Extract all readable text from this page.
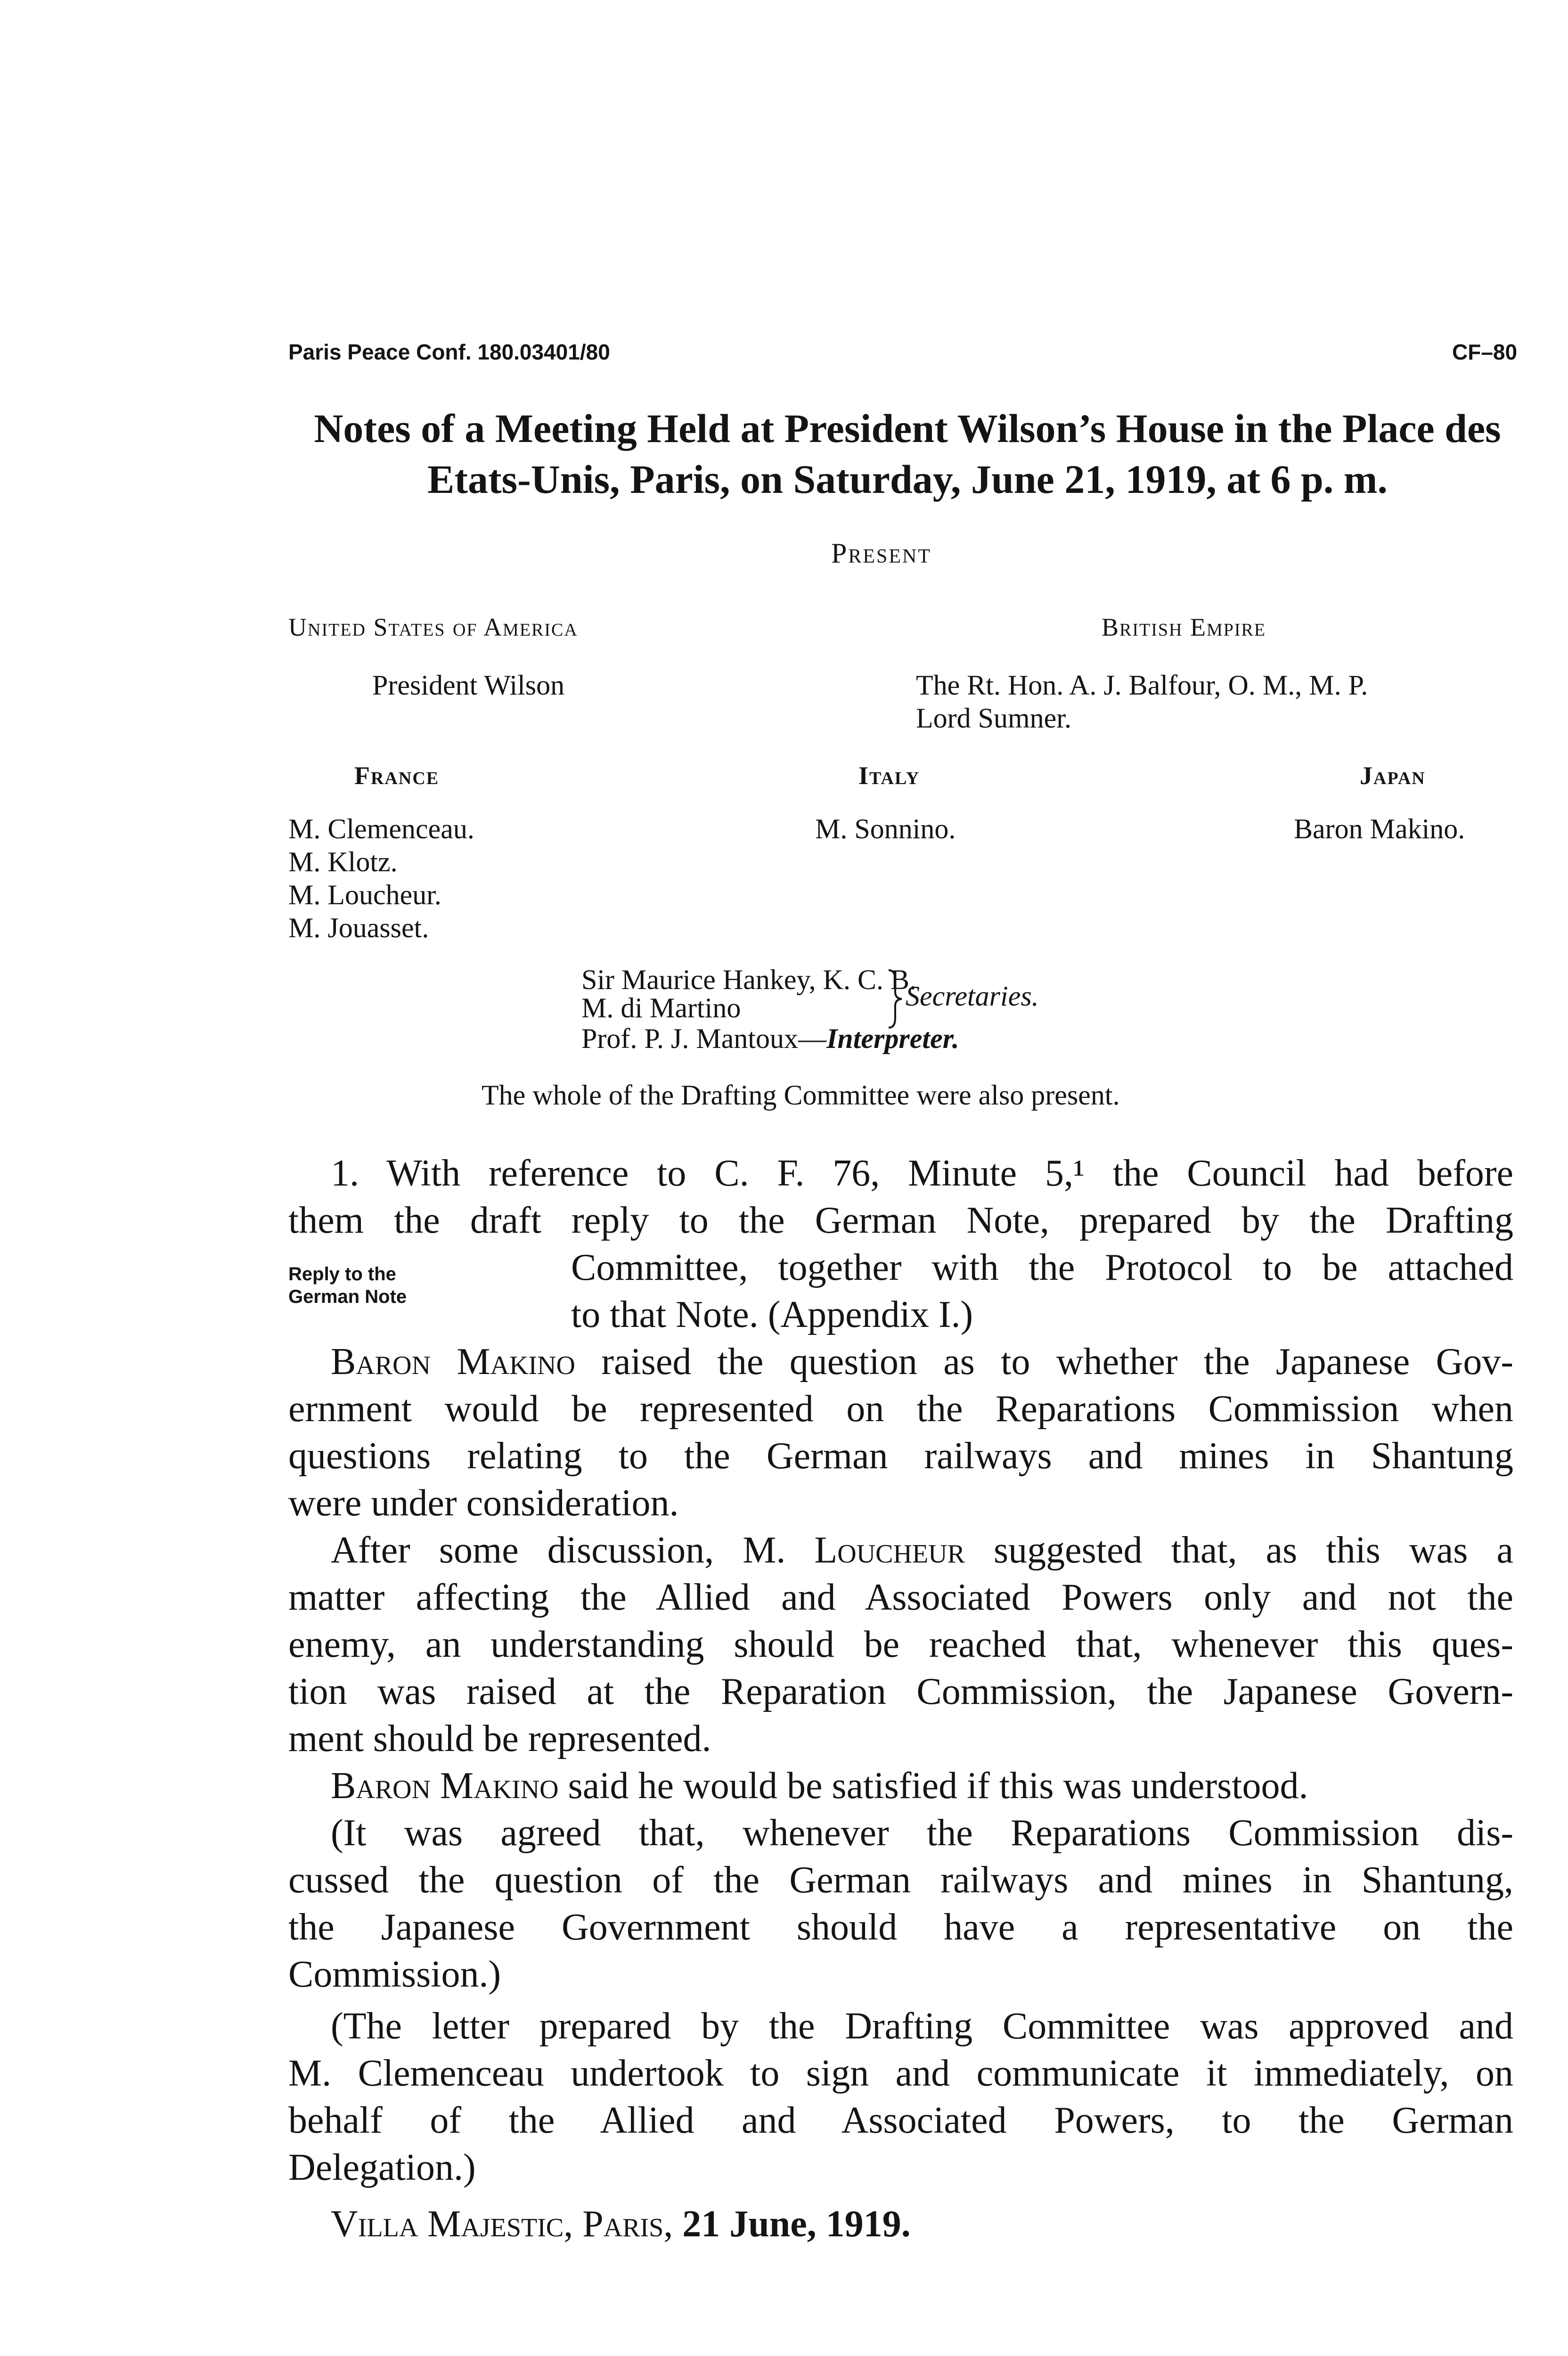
Paris Peace Conf. 180.03401/80	CF–80
Notes of a Meeting Held at President Wilson’s House in the Place des Etats-Unis, Paris, on Saturday, June 21, 1919, at 6 p. m.
Present
United States of America
President Wilson
British Empire
The Rt. Hon. A. J. Balfour, O. M., M. P.
Lord Sumner.
France
M. Clemenceau.
M. Klotz.
M. Loucheur.
M. Jouasset.
Italy
M. Sonnino.
Japan
Baron Makino.
Sir Maurice Hankey, K. C. B.
M. di Martino	Secretaries.
Prof. P. J. Mantoux—Interpreter.
The whole of the Drafting Committee were also present.
1. With reference to C. F. 76, Minute 5,¹ the Council had before
them the draft reply to the German Note, prepared by the Drafting
Committee, together with the Protocol to be attached
to that Note. (Appendix I.)
Reply to the
German Note
Baron Makino raised the question as to whether the Japanese Gov-
ernment would be represented on the Reparations Commission when
questions relating to the German railways and mines in Shantung
were under consideration.
After some discussion, M. Loucheur suggested that, as this was a
matter affecting the Allied and Associated Powers only and not the
enemy, an understanding should be reached that, whenever this ques-
tion was raised at the Reparation Commission, the Japanese Govern-
ment should be represented.
Baron Makino said he would be satisfied if this was understood.
(It was agreed that, whenever the Reparations Commission dis-
cussed the question of the German railways and mines in Shantung,
the Japanese Government should have a representative on the
Commission.)
(The letter prepared by the Drafting Committee was approved and
M. Clemenceau undertook to sign and communicate it immediately, on
behalf of the Allied and Associated Powers, to the German
Delegation.)
Villa Majestic, Paris, 21 June, 1919.
